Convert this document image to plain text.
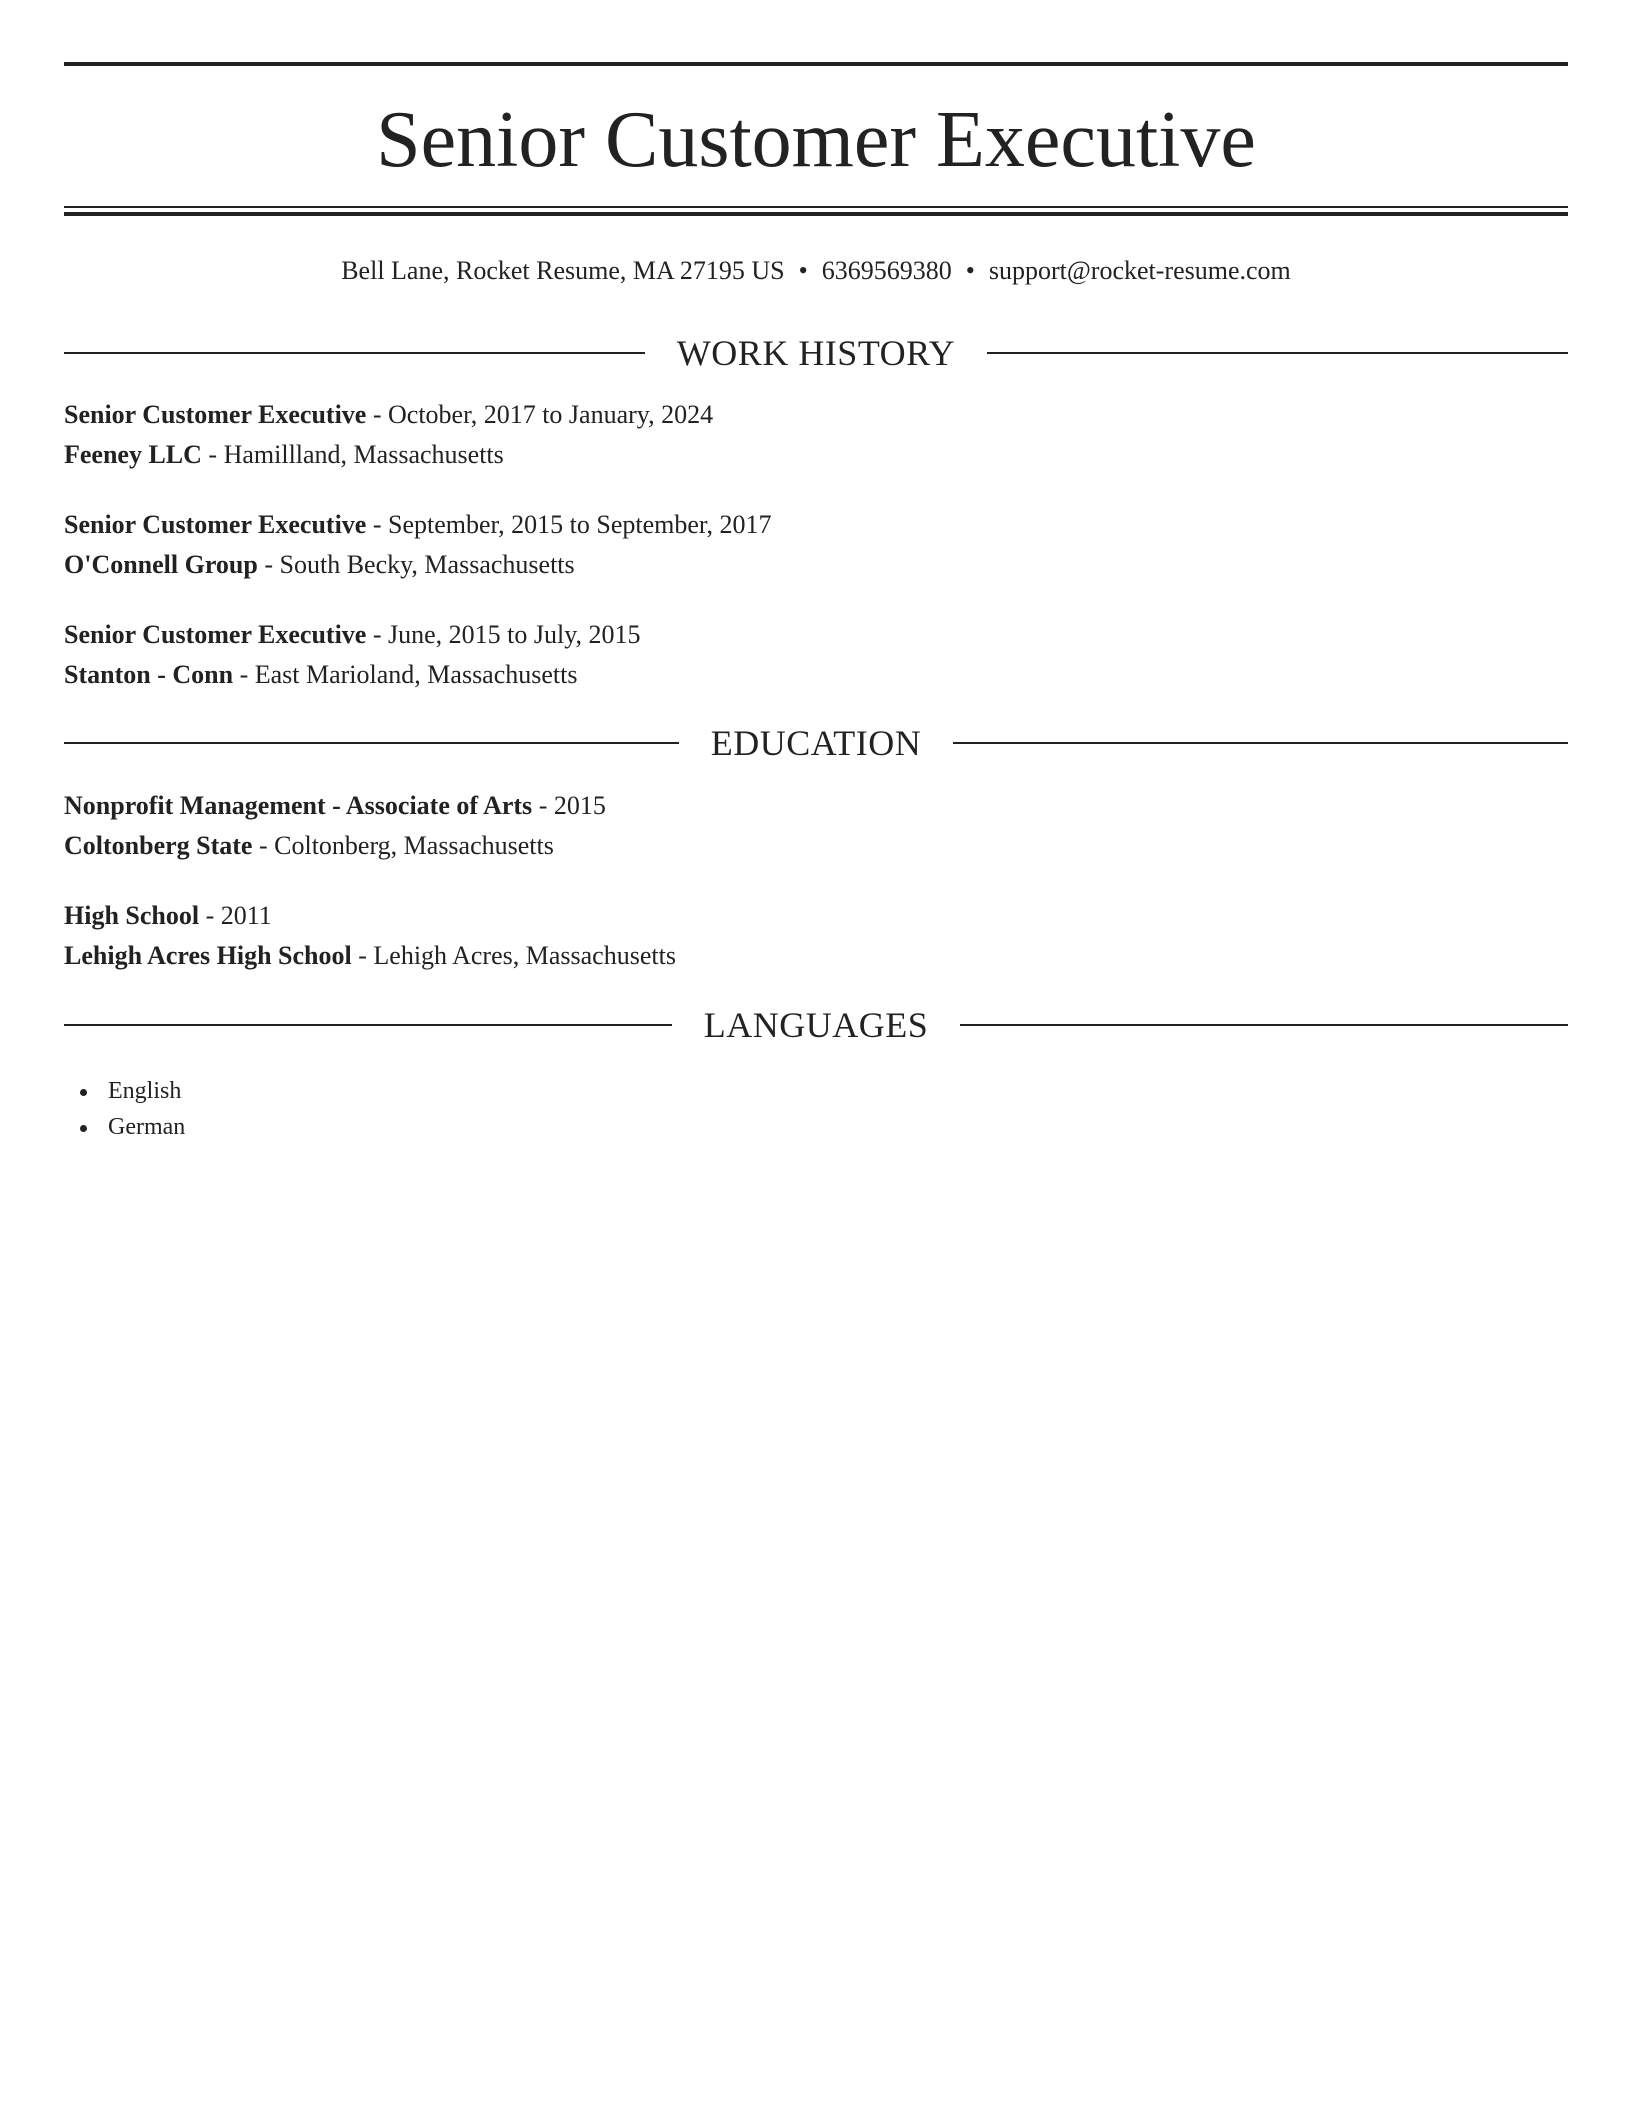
Senior Customer Executive
Bell Lane, Rocket Resume, MA 27195 US • 6369569380 • support@rocket-resume.com
WORK HISTORY
Senior Customer Executive - October, 2017 to January, 2024
Feeney LLC - Hamillland, Massachusetts
Senior Customer Executive - September, 2015 to September, 2017
O'Connell Group - South Becky, Massachusetts
Senior Customer Executive - June, 2015 to July, 2015
Stanton - Conn - East Marioland, Massachusetts
EDUCATION
Nonprofit Management - Associate of Arts - 2015
Coltonberg State - Coltonberg, Massachusetts
High School - 2011
Lehigh Acres High School - Lehigh Acres, Massachusetts
LANGUAGES
English
German
